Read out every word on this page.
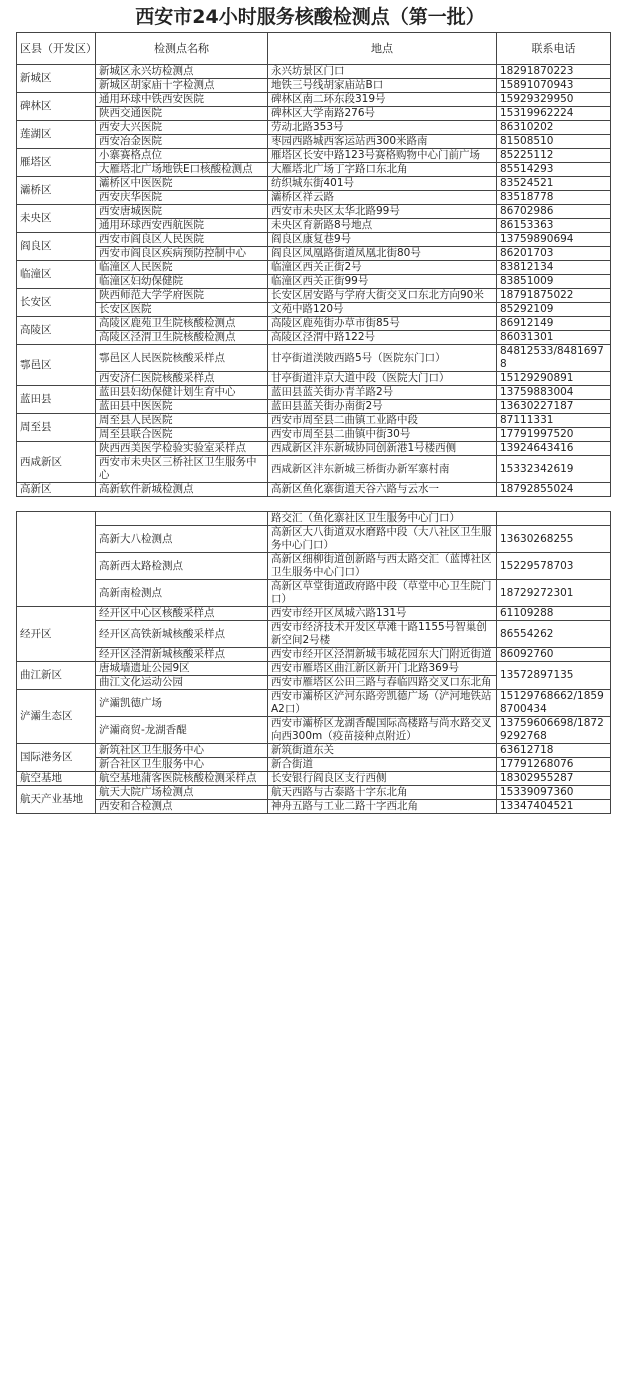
西安市24小时服务核酸检测点（第一批）
区县（开发区）	检测点名称	地点	联系电话
新城区	新城区永兴坊检测点	永兴坊景区门口	18291870223
	新城区胡家庙十字检测点	地铁三号线胡家庙站B口	15891070943
碑林区	通用环球中铁西安医院	碑林区南二环东段319号	15929329950
	陕西交通医院	碑林区大学南路276号	15319962224
莲湖区	西安大兴医院	劳动北路353号	86310202
	西安冶金医院	枣园西路城西客运站西300米路南	81508510
雁塔区	小寨赛格点位	雁塔区长安中路123号赛格购物中心门前广场	85225112
	大雁塔北广场地铁E口核酸检测点	大雁塔北广场丁字路口东北角	85514293
灞桥区	灞桥区中医医院	纺织城东街401号	83524521
	西安庆华医院	灞桥区祥云路	83518778
未央区	西安唐城医院	西安市未央区太华北路99号	86702986
	通用环球西安西航医院	未央区育新路8号地点	86153363
阎良区	西安市阎良区人民医院	阎良区康复巷9号	13759890694
	西安市阎良区疾病预防控制中心	阎良区凤凰路街道凤凰北街80号	86201703
临潼区	临潼区人民医院	临潼区西关正街2号	83812134
	临潼区妇幼保健院	临潼区西关正街99号	83851009
长安区	陕西师范大学学府医院	长安区居安路与学府大街交叉口东北方向90米	18791875022
	长安区医院	文苑中路120号	85292109
高陵区	高陵区鹿苑卫生院核酸检测点	高陵区鹿苑街办草市街85号	86912149
	高陵区泾渭卫生院核酸检测点	高陵区泾渭中路122号	86031301
鄠邑区	鄠邑区人民医院核酸采样点	甘亭街道渼陂西路5号（医院东门口）	84812533/84816978
	西安济仁医院核酸采样点	甘亭街道沣京大道中段（医院大门口）	15129290891
蓝田县	蓝田县妇幼保健计划生育中心	蓝田县蓝关街办青羊路2号	13759883004
	蓝田县中医医院	蓝田县蓝关街办南街2号	13630227187
周至县	周至县人民医院	西安市周至县二曲镇工业路中段	87111331
	周至县联合医院	西安市周至县二曲镇中街30号	17791997520
西咸新区	陕西西美医学检验实验室采样点	西咸新区沣东新城协同创新港1号楼西侧	13924643416
	西安市未央区三桥社区卫生服务中心	西咸新区沣东新城三桥街办新军寨村南	15332342619
高新区	高新软件新城检测点	高新区鱼化寨街道天谷六路与云水一	18792855024
		路交汇（鱼化寨社区卫生服务中心门口）	
	高新大八检测点	高新区大八街道双水磨路中段（大八社区卫生服务中心门口）	13630268255
	高新西太路检测点	高新区细柳街道创新路与西太路交汇（蓝博社区卫生服务中心门口）	15229578703
	高新南检测点	高新区草堂街道政府路中段（草堂中心卫生院门口）	18729272301
经开区	经开区中心区核酸采样点	西安市经开区凤城六路131号	61109288
	经开区高铁新城核酸采样点	西安市经济技术开发区草滩十路1155号智巢创新空间2号楼	86554262
	经开区泾渭新城核酸采样点	西安市经开区泾渭新城韦城花园东大门附近街道	86092760
曲江新区	唐城墙遗址公园9区	西安市雁塔区曲江新区新开门北路369号	13572897135
	曲江文化运动公园	西安市雁塔区公田三路与春临四路交叉口东北角	
浐灞生态区	浐灞凯德广场	西安市灞桥区浐河东路旁凯德广场（浐河地铁站A2口）	15129768662/18598700434
	浐灞商贸-龙湖香醍	西安市灞桥区龙湖香醍国际高楼路与尚水路交叉向西300m（疫苗接种点附近）	13759606698/18729292768
国际港务区	新筑社区卫生服务中心	新筑街道东关	63612718
	新合社区卫生服务中心	新合街道	17791268076
航空基地	航空基地蒲客医院核酸检测采样点	长安银行阎良区支行西侧	18302955287
航天产业基地	航天大院广场检测点	航天西路与古泰路十字东北角	15339097360
	西安和合检测点	神舟五路与工业二路十字西北角	13347404521
